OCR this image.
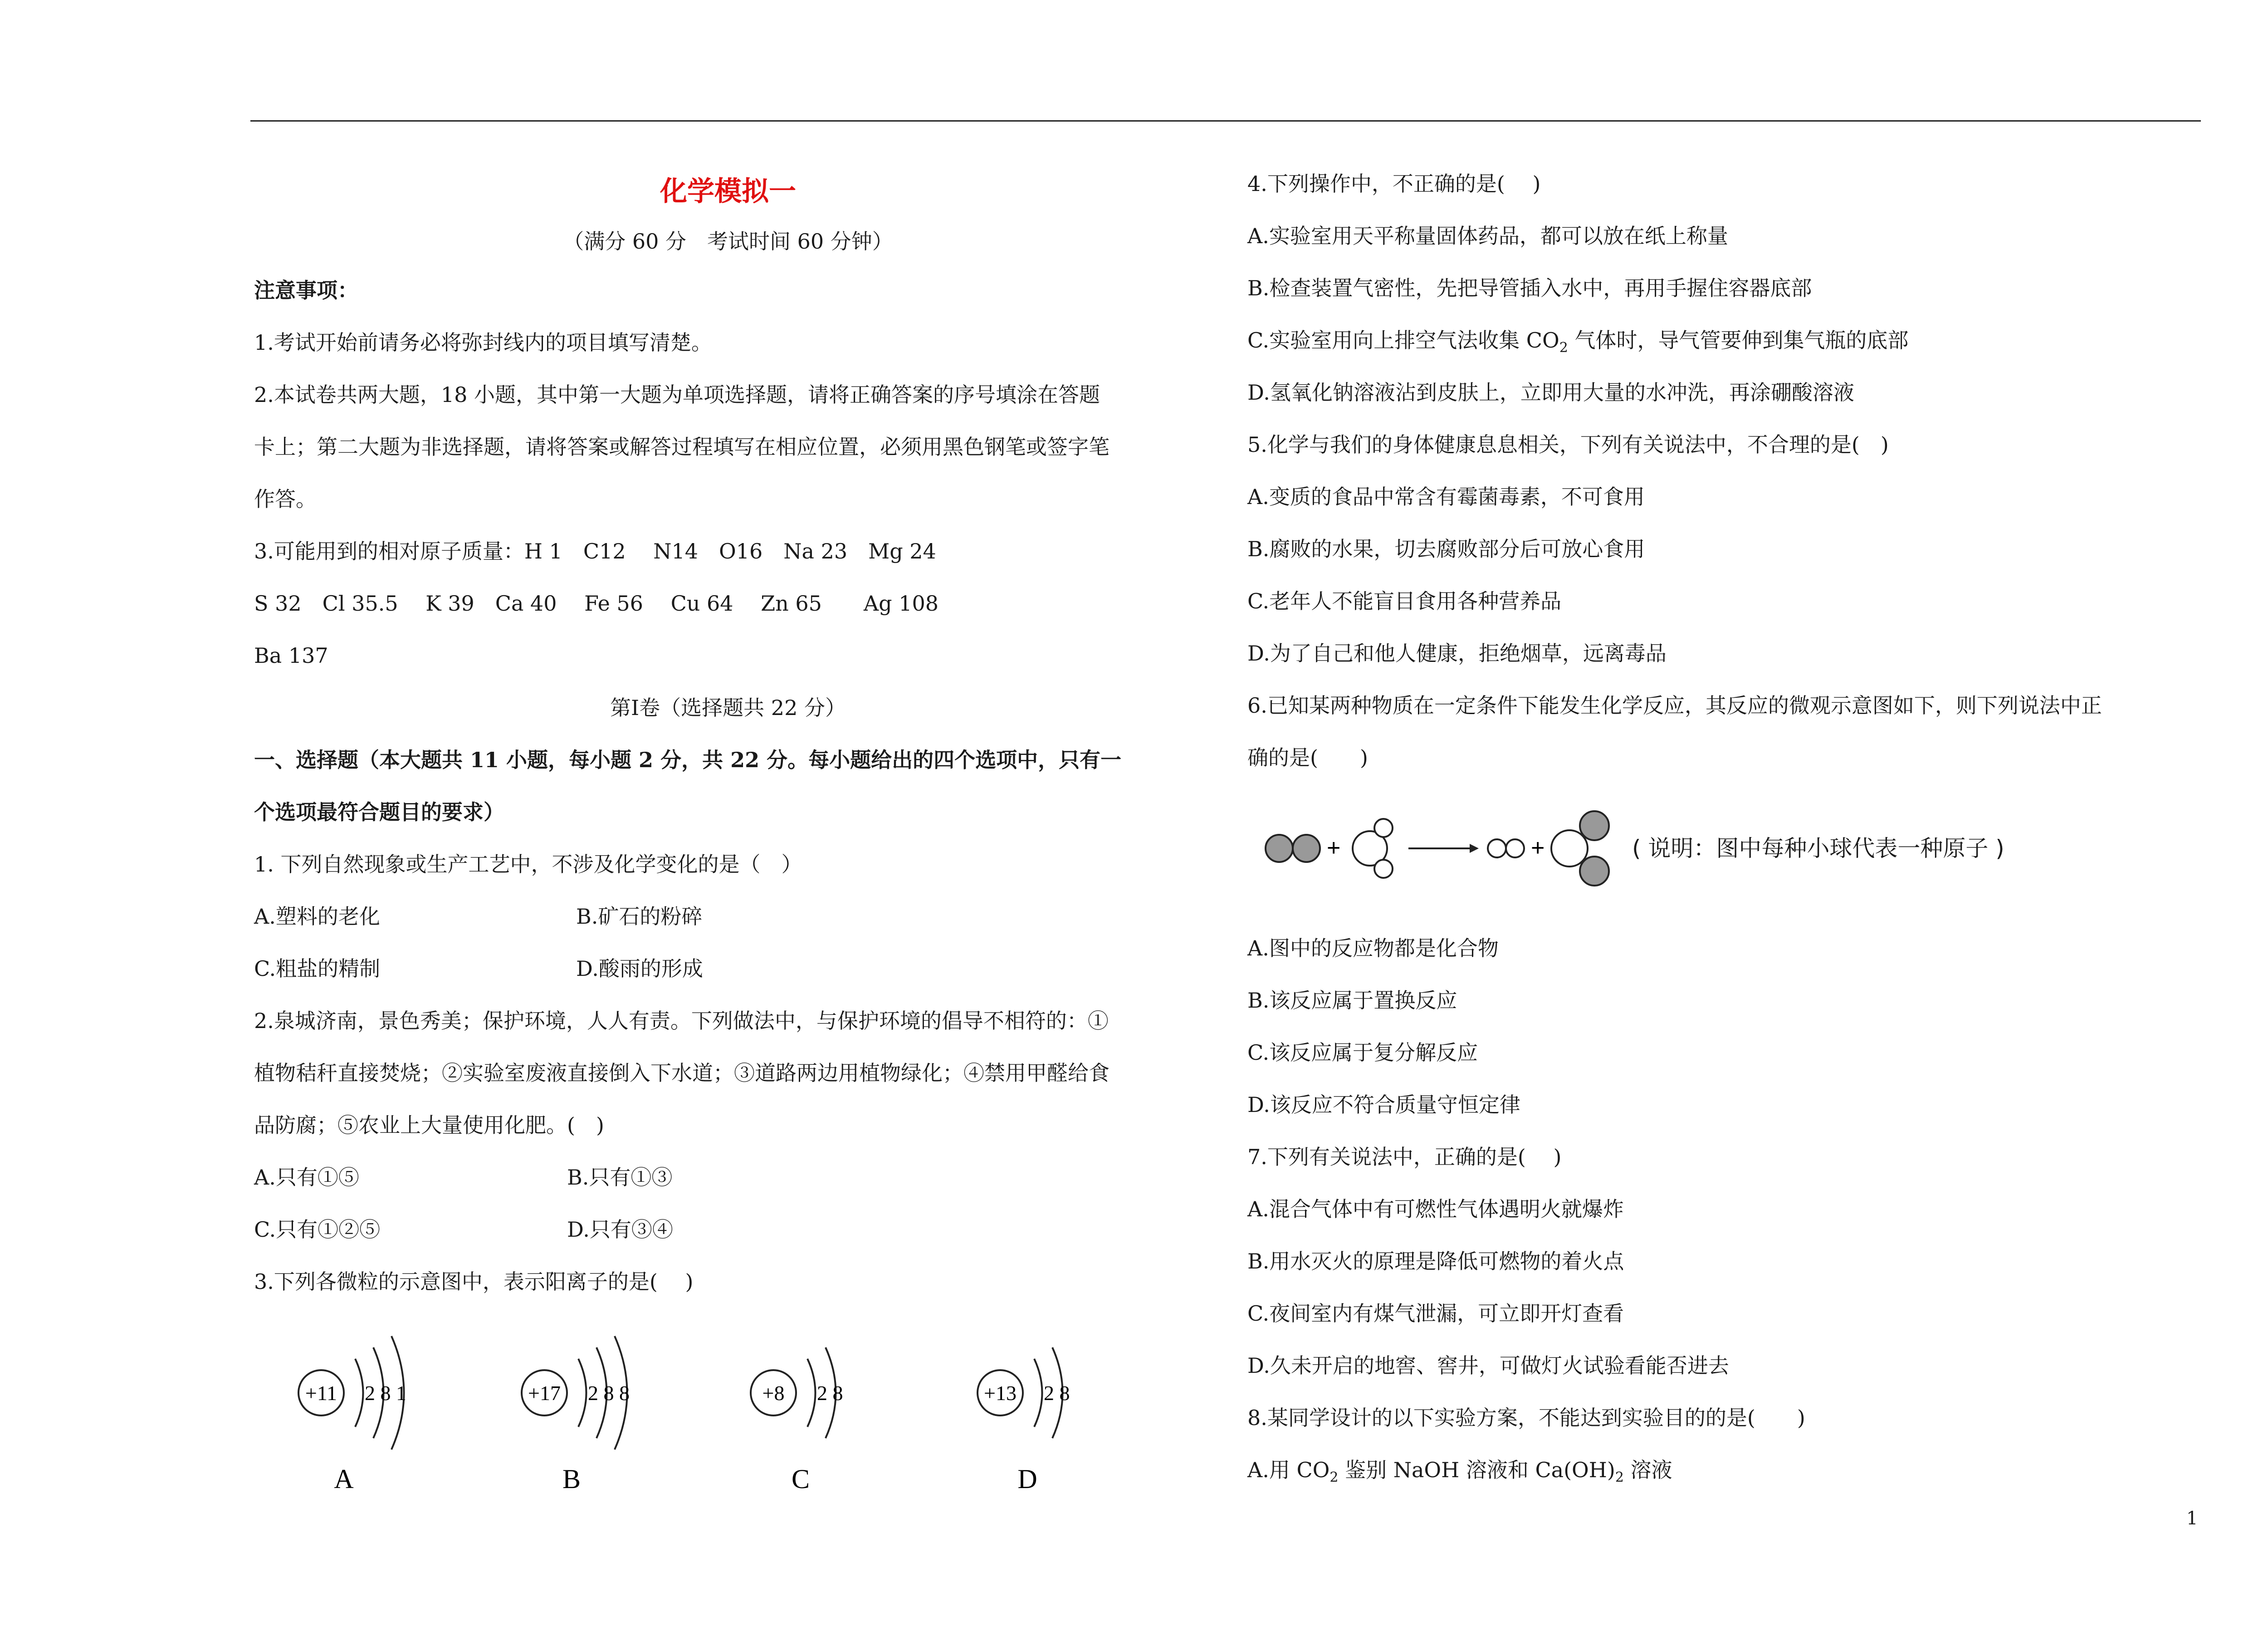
化学模拟一
（满分 60 分　考试时间 60 分钟）
注意事项：
1.考试开始前请务必将弥封线内的项目填写清楚。
2.本试卷共两大题，18 小题，其中第一大题为单项选择题，请将正确答案的序号填涂在答题
卡上；第二大题为非选择题，请将答案或解答过程填写在相应位置，必须用黑色钢笔或签字笔
作答。
3.可能用到的相对原子质量：H 1　C12　 N14　O16　Na 23　Mg 24
S 32　Cl 35.5　 K 39　Ca 40　 Fe 56　 Cu 64　 Zn 65　　Ag 108
Ba 137
一、选择题（本大题共 11 小题，每小题 2 分，共 22 分。每小题给出的四个选项中，只有一
个选项最符合题目的要求）
1. 下列自然现象或生产工艺中，不涉及化学变化的是（　）
A.塑料的老化	B.矿石的粉碎
C.粗盐的精制	D.酸雨的形成
2.泉城济南，景色秀美；保护环境，人人有责。下列做法中，与保护环境的倡导不相符的：①
植物秸秆直接焚烧；②实验室废液直接倒入下水道；③道路两边用植物绿化；④禁用甲醛给食
品防腐；⑤农业上大量使用化肥。(　)
A.只有①⑤	B.只有①③
C.只有①②⑤	D.只有③④
3.下列各微粒的示意图中，表示阳离子的是(　 )
第Ⅰ卷（选择题共 22 分）
+11 2 8 1
A
+17 2 8 8
B
+8 2 8
C
+13 2 8
D
4.下列操作中，不正确的是(　 )
A.实验室用天平称量固体药品，都可以放在纸上称量
B.检查装置气密性，先把导管插入水中，再用手握住容器底部
C.实验室用向上排空气法收集 $CO_2$ 气体时，导气管要伸到集气瓶的底部
D.氢氧化钠溶液沾到皮肤上，立即用大量的水冲洗，再涂硼酸溶液
5.化学与我们的身体健康息息相关，下列有关说法中，不合理的是(　)
A.变质的食品中常含有霉菌毒素，不可食用
B.腐败的水果，切去腐败部分后可放心食用
C.老年人不能盲目食用各种营养品
D.为了自己和他人健康，拒绝烟草，远离毒品
6.已知某两种物质在一定条件下能发生化学反应，其反应的微观示意图如下，则下列说法中正
确的是(　　)
A.图中的反应物都是化合物
B.该反应属于置换反应
C.该反应属于复分解反应
D.该反应不符合质量守恒定律
7.下列有关说法中，正确的是(　 )
A.混合气体中有可燃性气体遇明火就爆炸
B.用水灭火的原理是降低可燃物的着火点
C.夜间室内有煤气泄漏，可立即开灯查看
D.久未开启的地窖、窖井，可做灯火试验看能否进去
8.某同学设计的以下实验方案，不能达到实验目的的是(　　)
A.用 $CO_2$ 鉴别 NaOH 溶液和 $Ca(OH)_2$ 溶液
+	+	( 说明：图中每种小球代表一种原子 )
1
